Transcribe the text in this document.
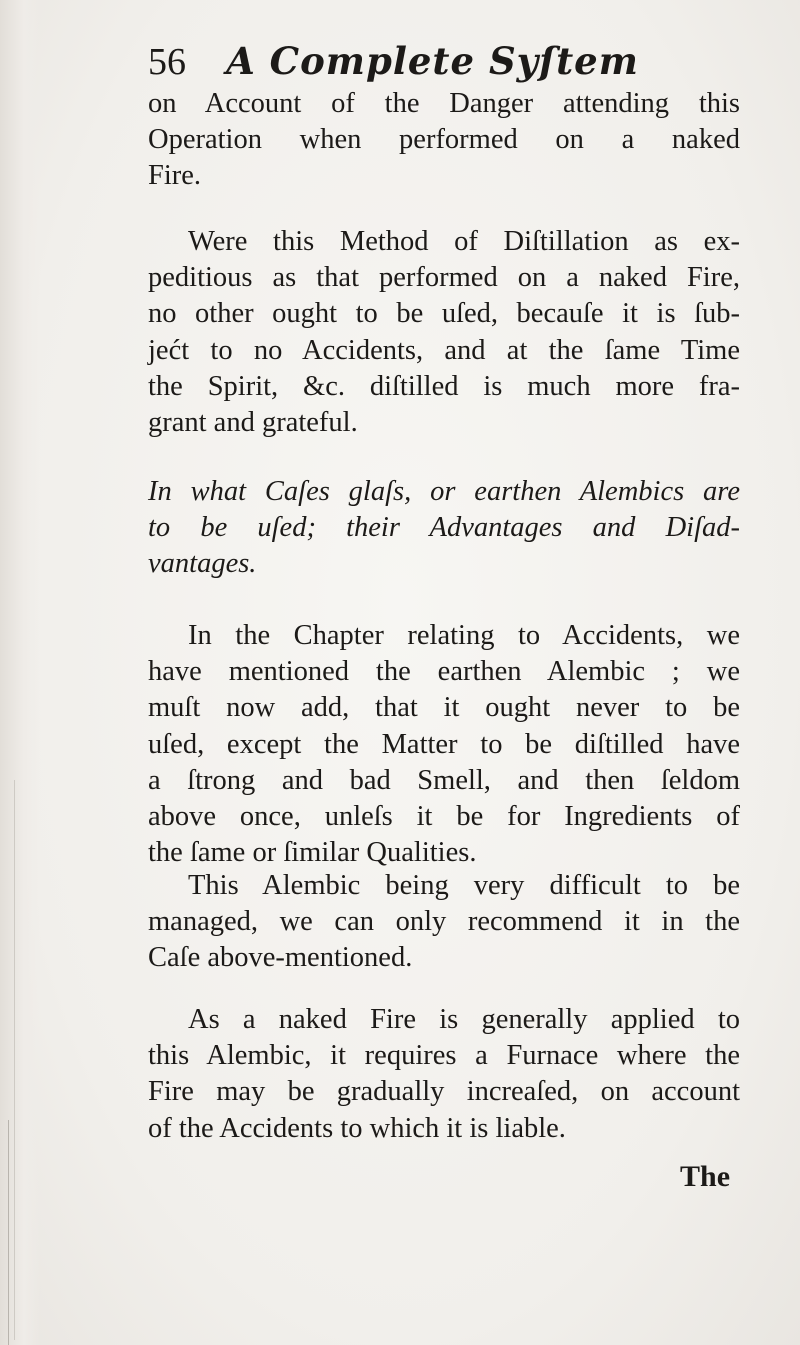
56 A Complete Syſtem
on Account of the Danger attending this
Operation when performed on a naked
Fire.
Were this Method of Diſtillation as ex-
peditious as that performed on a naked Fire,
no other ought to be uſed, becauſe it is ſub-
jećt to no Accidents, and at the ſame Time
the Spirit, &c. diſtilled is much more fra-
grant and grateful.
In what Caſes glaſs, or earthen Alembics are
to be uſed; their Advantages and Diſad-
vantages.
In the Chapter relating to Accidents, we
have mentioned the earthen Alembic ; we
muſt now add, that it ought never to be
uſed, except the Matter to be diſtilled have
a ſtrong and bad Smell, and then ſeldom
above once, unleſs it be for Ingredients of
the ſame or ſimilar Qualities.
This Alembic being very difficult to be
managed, we can only recommend it in the
Caſe above-mentioned.
As a naked Fire is generally applied to
this Alembic, it requires a Furnace where the
Fire may be gradually increaſed, on account
of the Accidents to which it is liable.
The
